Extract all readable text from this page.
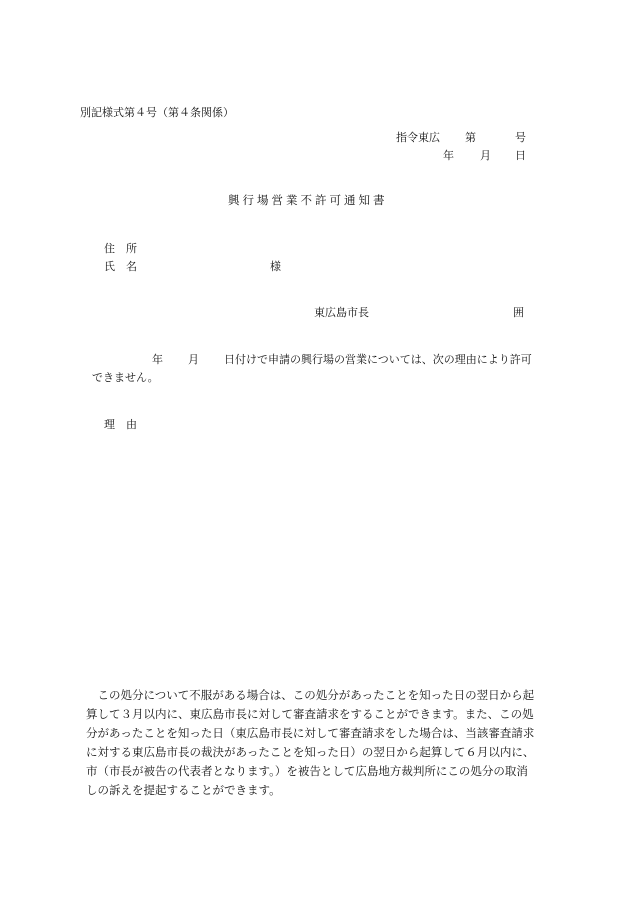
別記様式第４号（第４条関係）
指令東広 第	号
年 月 日
興行場営業不許可通知書
住　所
氏　名	様
東広島市長	囲
年 月 日付けで申請の興行場の営業については、次の理由により許可
できません。
理　由
　この処分について不服がある場合は、この処分があったことを知った日の翌日から起
算して３月以内に、東広島市長に対して審査請求をすることができます。また、この処
分があったことを知った日（東広島市長に対して審査請求をした場合は、当該審査請求
に対する東広島市長の裁決があったことを知った日）の翌日から起算して６月以内に、
市（市長が被告の代表者となります。）を被告として広島地方裁判所にこの処分の取消
しの訴えを提起することができます。
